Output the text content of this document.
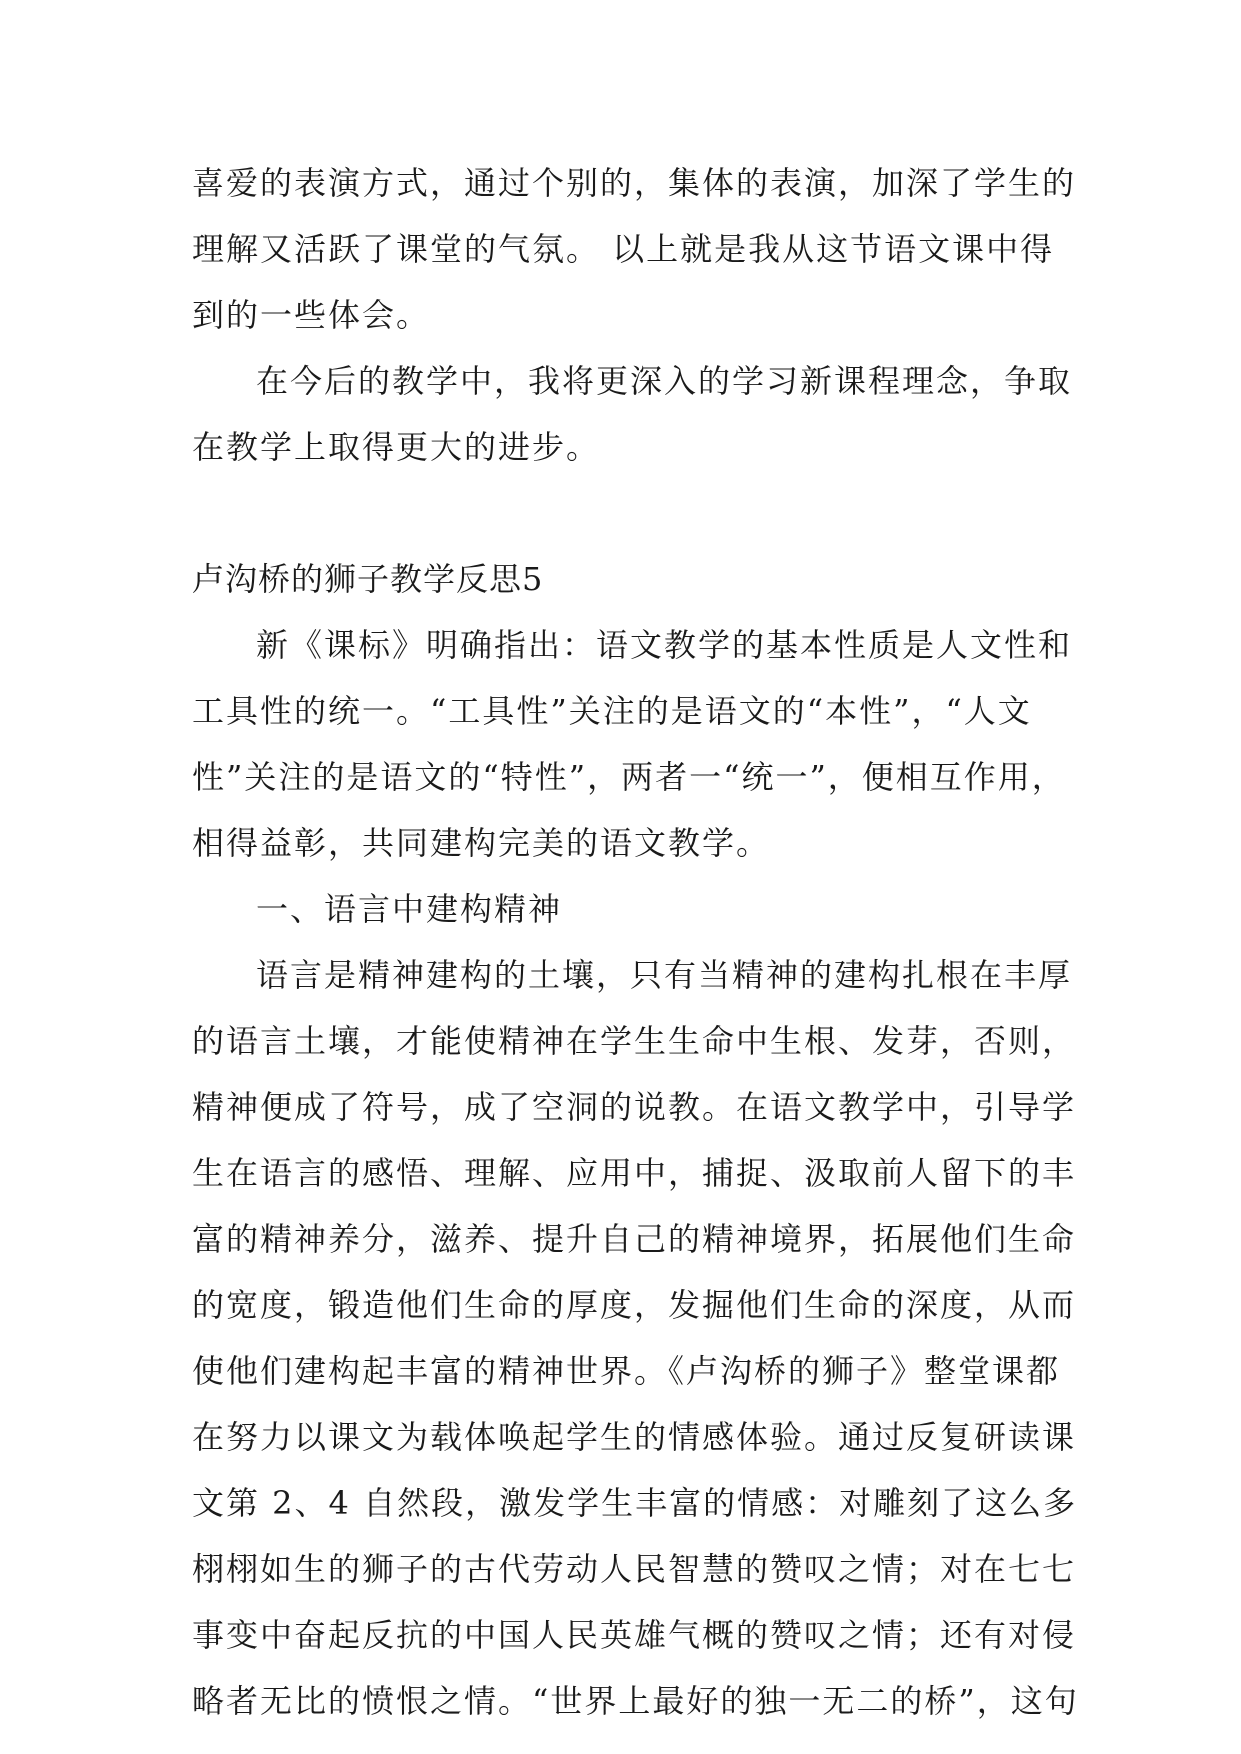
喜爱的表演方式，通过个别的，集体的表演，加深了学生的
理解又活跃了课堂的气氛。 以上就是我从这节语文课中得
到的一些体会。
在今后的教学中，我将更深入的学习新课程理念，争取
在教学上取得更大的进步。
卢沟桥的狮子教学反思5
新《课标》明确指出：语文教学的基本性质是人文性和
工具性的统一。“工具性”关注的是语文的“本性”，“人文
性”关注的是语文的“特性”，两者一“统一”，便相互作用，
相得益彰，共同建构完美的语文教学。
一、语言中建构精神
语言是精神建构的土壤，只有当精神的建构扎根在丰厚
的语言土壤，才能使精神在学生生命中生根、发芽，否则，
精神便成了符号，成了空洞的说教。在语文教学中，引导学
生在语言的感悟、理解、应用中，捕捉、汲取前人留下的丰
富的精神养分，滋养、提升自己的精神境界，拓展他们生命
的宽度，锻造他们生命的厚度，发掘他们生命的深度，从而
使他们建构起丰富的精神世界。《卢沟桥的狮子》整堂课都
在努力以课文为载体唤起学生的情感体验。通过反复研读课
文第 2、4 自然段，激发学生丰富的情感：对雕刻了这么多
栩栩如生的狮子的古代劳动人民智慧的赞叹之情；对在七七
事变中奋起反抗的中国人民英雄气概的赞叹之情；还有对侵
略者无比的愤恨之情。“世界上最好的独一无二的桥”，这句
